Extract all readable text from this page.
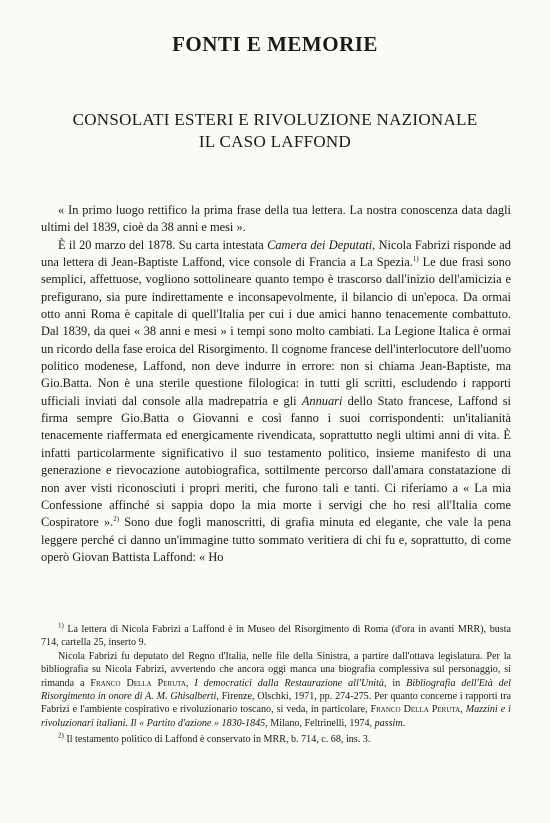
FONTI E MEMORIE
CONSOLATI ESTERI E RIVOLUZIONE NAZIONALE
IL CASO LAFFOND

« In primo luogo rettifico la prima frase della tua lettera. La nostra conoscenza data dagli ultimi del 1839, cioè da 38 anni e mesi ».

È il 20 marzo del 1878. Su carta intestata Camera dei Deputati, Nicola Fabrizi risponde ad una lettera di Jean-Baptiste Laffond, vice console di Francia a La Spezia.$^{1)}$ Le due frasi sono semplici, affettuose, vogliono sottolineare quanto tempo è trascorso dall'inizio dell'amicizia e prefigurano, sia pure indirettamente e inconsapevolmente, il bilancio di un'epoca. Da ormai otto anni Roma è capitale di quell'Italia per cui i due amici hanno tenacemente combattuto. Dal 1839, da quei « 38 anni e mesi » i tempi sono molto cambiati. La Legione Italica è ormai un ricordo della fase eroica del Risorgimento. Il cognome francese dell'interlocutore dell'uomo politico modenese, Laffond, non deve indurre in errore: non si chiama Jean-Baptiste, ma Gio.Batta. Non è una sterile questione filologica: in tutti gli scritti, escludendo i rapporti ufficiali inviati dal console alla madrepatria e gli Annuari dello Stato francese, Laffond si firma sempre Gio.Batta o Giovanni e così fanno i suoi corrispondenti: un'italianità tenacemente riaffermata ed energicamente rivendicata, soprattutto negli ultimi anni di vita. È infatti particolarmente significativo il suo testamento politico, insieme manifesto di una generazione e rievocazione autobiografica, sottilmente percorso dall'amara constatazione di non aver visti riconosciuti i propri meriti, che furono tali e tanti. Ci riferiamo a « La mia Confessione affinché si sappia dopo la mia morte i servigi che ho resi all'Italia come Cospiratore ».$^{2)}$ Sono due fogli manoscritti, di grafia minuta ed elegante, che vale la pena leggere perché ci danno un'immagine tutto sommato veritiera di chi fu e, soprattutto, di come operò Giovan Battista Laffond: « Ho

$^{1)}$ La lettera di Nicola Fabrizi a Laffond è in Museo del Risorgimento di Roma (d'ora in avanti MRR), busta 714, cartella 25, inserto 9.

Nicola Fabrizi fu deputato del Regno d'Italia, nelle file della Sinistra, a partire dall'ottava legislatura. Per la bibliografia su Nicola Fabrizi, avvertendo che ancora oggi manca una biografia complessiva sul personaggio, si rimanda a Franco Della Peruta, I democratici dalla Restaurazione all'Unità, in Bibliografia dell'Età del Risorgimento in onore di A. M. Ghisalberti, Firenze, Olschki, 1971, pp. 274-275. Per quanto concerne i rapporti tra Fabrizi e l'ambiente cospirativo e rivoluzionario toscano, si veda, in particolare, Franco Della Peruta, Mazzini e i rivoluzionari italiani. Il « Partito d'azione » 1830-1845, Milano, Feltrinelli, 1974, passim.

$^{2)}$ Il testamento politico di Laffond è conservato in MRR, b. 714, c. 68, ins. 3.
